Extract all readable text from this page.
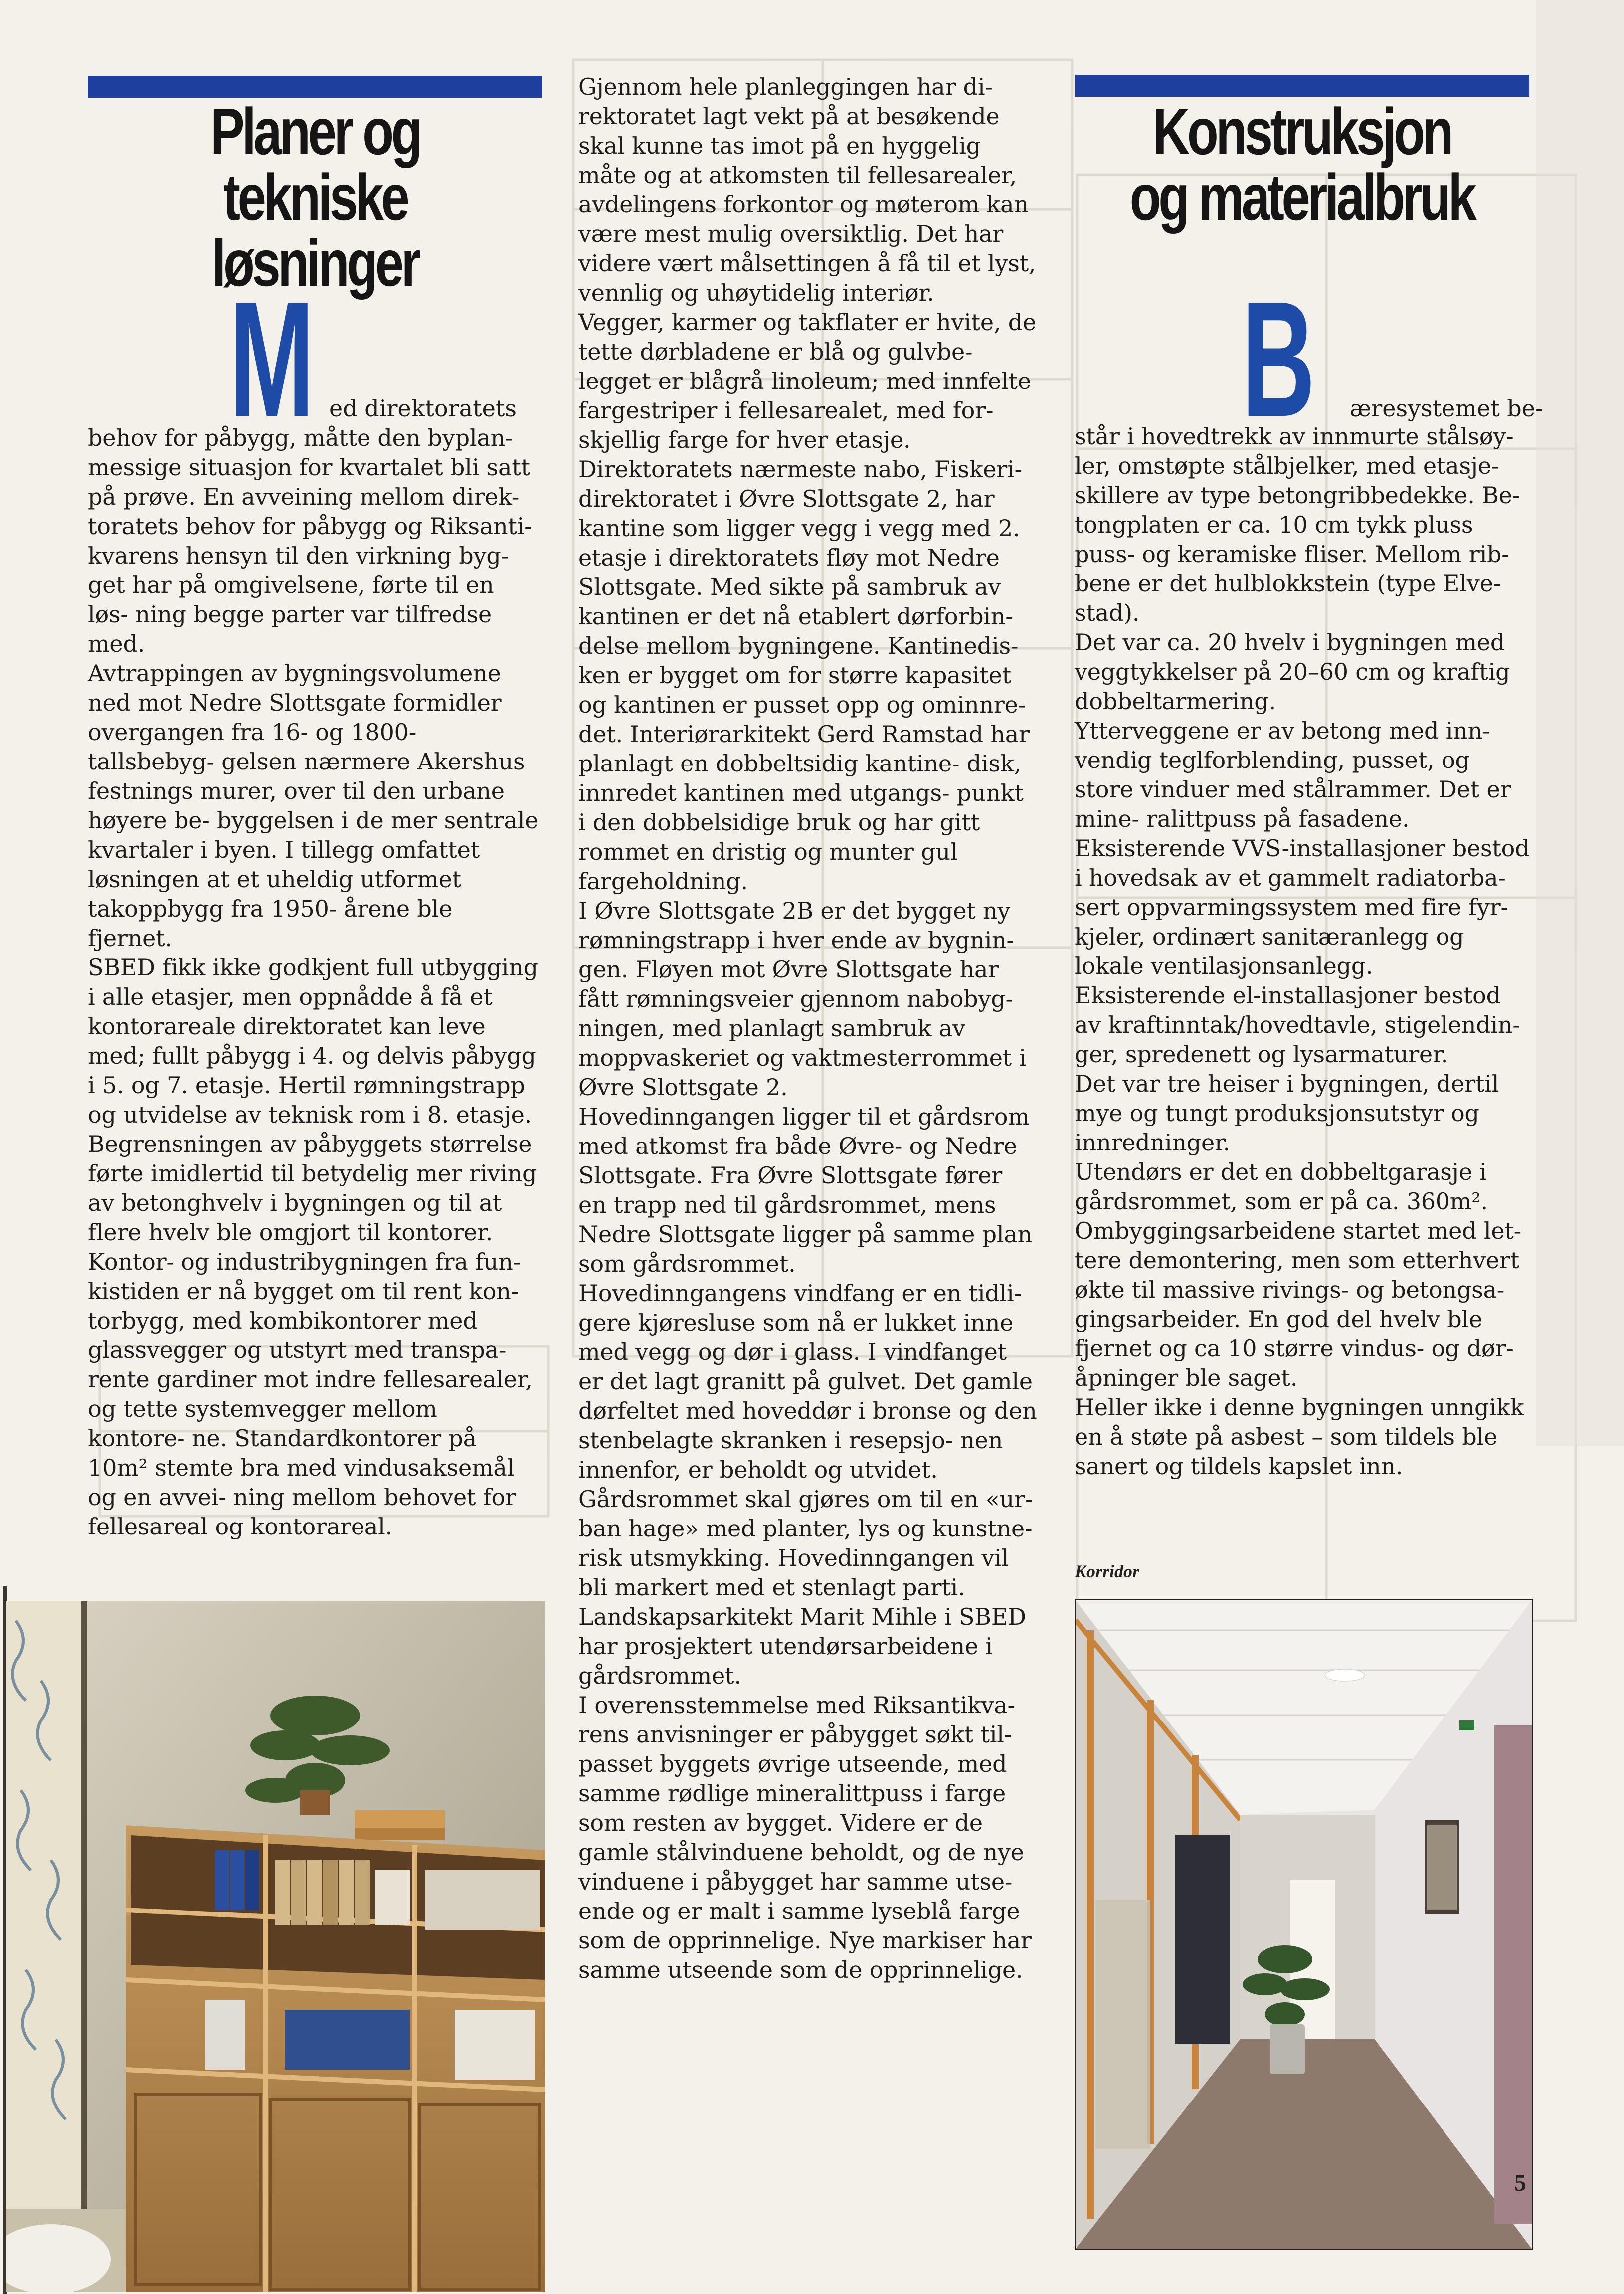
Planer og
tekniske løsninger
M ed direktoratets

behov for påbygg, måtte den byplan- messige situasjon for kvartalet bli satt på prøve. En avveining mellom direk- toratets behov for påbygg og Riksanti- kvarens hensyn til den virkning byg- get har på omgivelsene, førte til en løs- ning begge parter var tilfredse med.

Avtrappingen av bygningsvolumene ned mot Nedre Slottsgate formidler overgangen fra 16- og 1800-tallsbebyg- gelsen nærmere Akershus festnings murer, over til den urbane høyere be- byggelsen i de mer sentrale kvartaler i byen. I tillegg omfattet løsningen at et uheldig utformet takoppbygg fra 1950- årene ble fjernet.

SBED fikk ikke godkjent full utbygging i alle etasjer, men oppnådde å få et kontorareale direktoratet kan leve med; fullt påbygg i 4. og delvis påbygg i 5. og 7. etasje. Hertil rømningstrapp og utvidelse av teknisk rom i 8. etasje.

Begrensningen av påbyggets størrelse førte imidlertid til betydelig mer riving av betonghvelv i bygningen og til at flere hvelv ble omgjort til kontorer.

Kontor- og industribygningen fra fun- kistiden er nå bygget om til rent kon- torbygg, med kombikontorer med glassvegger og utstyrt med transpa- rente gardiner mot indre fellesarealer, og tette systemvegger mellom kontore- ne. Standardkontorer på 10m² stemte bra med vindusaksemål og en avvei- ning mellom behovet for fellesareal og kontorareal.

Gjennom hele planleggingen har di- rektoratet lagt vekt på at besøkende skal kunne tas imot på en hyggelig måte og at atkomsten til fellesarealer, avdelingens forkontor og møterom kan være mest mulig oversiktlig. Det har videre vært målsettingen å få til et lyst, vennlig og uhøytidelig interiør.

Vegger, karmer og takflater er hvite, de tette dørbladene er blå og gulvbe- legget er blågrå linoleum; med innfelte fargestriper i fellesarealet, med for- skjellig farge for hver etasje.

Direktoratets nærmeste nabo, Fiskeri- direktoratet i Øvre Slottsgate 2, har kantine som ligger vegg i vegg med 2. etasje i direktoratets fløy mot Nedre Slottsgate. Med sikte på sambruk av kantinen er det nå etablert dørforbin- delse mellom bygningene. Kantinedis- ken er bygget om for større kapasitet og kantinen er pusset opp og ominnre- det. Interiørarkitekt Gerd Ramstad har planlagt en dobbeltsidig kantine- disk, innredet kantinen med utgangs- punkt i den dobbelsidige bruk og har gitt rommet en dristig og munter gul fargeholdning.

I Øvre Slottsgate 2B er det bygget ny rømningstrapp i hver ende av bygnin- gen. Fløyen mot Øvre Slottsgate har fått rømningsveier gjennom nabobyg- ningen, med planlagt sambruk av moppvaskeriet og vaktmesterrommet i Øvre Slottsgate 2.

Hovedinngangen ligger til et gårdsrom med atkomst fra både Øvre- og Nedre Slottsgate. Fra Øvre Slottsgate fører en trapp ned til gårdsrommet, mens Nedre Slottsgate ligger på samme plan som gårdsrommet.

Hovedinngangens vindfang er en tidli- gere kjøresluse som nå er lukket inne med vegg og dør i glass. I vindfanget er det lagt granitt på gulvet. Det gamle dørfeltet med hoveddør i bronse og den stenbelagte skranken i resepsjo- nen innenfor, er beholdt og utvidet.

Gårdsrommet skal gjøres om til en «ur- ban hage» med planter, lys og kunstne- risk utsmykking. Hovedinngangen vil bli markert med et stenlagt parti. Landskapsarkitekt Marit Mihle i SBED har prosjektert utendørsarbeidene i gårdsrommet.

I overensstemmelse med Riksantikva- rens anvisninger er påbygget søkt til- passet byggets øvrige utseende, med samme rødlige mineralittpuss i farge som resten av bygget. Videre er de gamle stålvinduene beholdt, og de nye vinduene i påbygget har samme utse- ende og er malt i samme lyseblå farge som de opprinnelige. Nye markiser har samme utseende som de opprinnelige.

Konstruksjon
og materialbruk
B æresystemet be-

står i hovedtrekk av innmurte stålsøy- ler, omstøpte stålbjelker, med etasje- skillere av type betongribbedekke. Be- tongplaten er ca. 10 cm tykk pluss puss- og keramiske fliser. Mellom rib- bene er det hulblokkstein (type Elve- stad).

Det var ca. 20 hvelv i bygningen med veggtykkelser på 20–60 cm og kraftig dobbeltarmering.

Ytterveggene er av betong med inn- vendig teglforblending, pusset, og store vinduer med stålrammer. Det er mine- ralittpuss på fasadene.

Eksisterende VVS-installasjoner bestod i hovedsak av et gammelt radiatorba- sert oppvarmingssystem med fire fyr- kjeler, ordinært sanitæranlegg og lokale ventilasjonsanlegg.

Eksisterende el-installasjoner bestod av kraftinntak/hovedtavle, stigelendin- ger, spredenett og lysarmaturer.

Det var tre heiser i bygningen, dertil mye og tungt produksjonsutstyr og innredninger.

Utendørs er det en dobbeltgarasje i gårdsrommet, som er på ca. 360m².

Ombyggingsarbeidene startet med let- tere demontering, men som etterhvert økte til massive rivings- og betongsa- gingsarbeider. En god del hvelv ble fjernet og ca 10 større vindus- og dør- åpninger ble saget.

Heller ikke i denne bygningen unngikk en å støte på asbest – som tildels ble sanert og tildels kapslet inn.

Korridor
5
